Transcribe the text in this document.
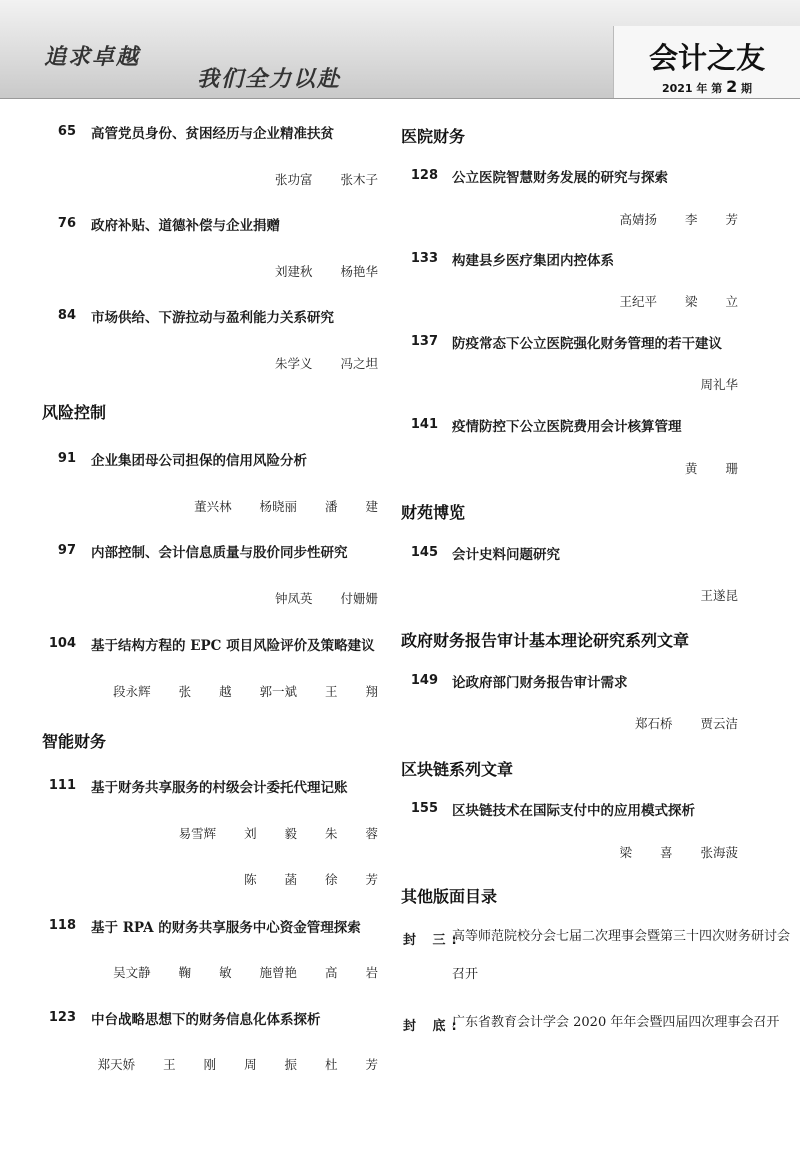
追求卓越
我们全力以赴
会计之友
2021 年 第 2 期
65 高管党员身份、贫困经历与企业精准扶贫
张功富 张木子
76 政府补贴、道德补偿与企业捐赠
刘建秋 杨艳华
84 市场供给、下游拉动与盈利能力关系研究
朱学义 冯之坦
风险控制
91 企业集团母公司担保的信用风险分析
董兴林 杨晓丽 潘 建
97 内部控制、会计信息质量与股价同步性研究
钟凤英 付姗姗
104 基于结构方程的 EPC 项目风险评价及策略建议
段永辉 张 越 郭一斌 王 翔
智能财务
111 基于财务共享服务的村级会计委托代理记账
易雪辉 刘 毅 朱 蓉
陈 菡 徐 芳
118 基于 RPA 的财务共享服务中心资金管理探索
吴文静 鞠 敏 施曾艳 高 岩
123 中台战略思想下的财务信息化体系探析
郑天娇 王 刚 周 振 杜 芳
医院财务
128 公立医院智慧财务发展的研究与探索
高婧扬 李 芳
133 构建县乡医疗集团内控体系
王纪平 梁 立
137 防疫常态下公立医院强化财务管理的若干建议
周礼华
141 疫情防控下公立医院费用会计核算管理
黄 珊
财苑博览
145 会计史料问题研究
王遂昆
政府财务报告审计基本理论研究系列文章
149 论政府部门财务报告审计需求
郑石桥 贾云洁
区块链系列文章
155 区块链技术在国际支付中的应用模式探析
梁 喜 张海菠
其他版面目录
封 三:
高等师范院校分会七届二次理事会暨第三十四次财务研讨会召开
封 底:
广东省教育会计学会 2020 年年会暨四届四次理事会召开
